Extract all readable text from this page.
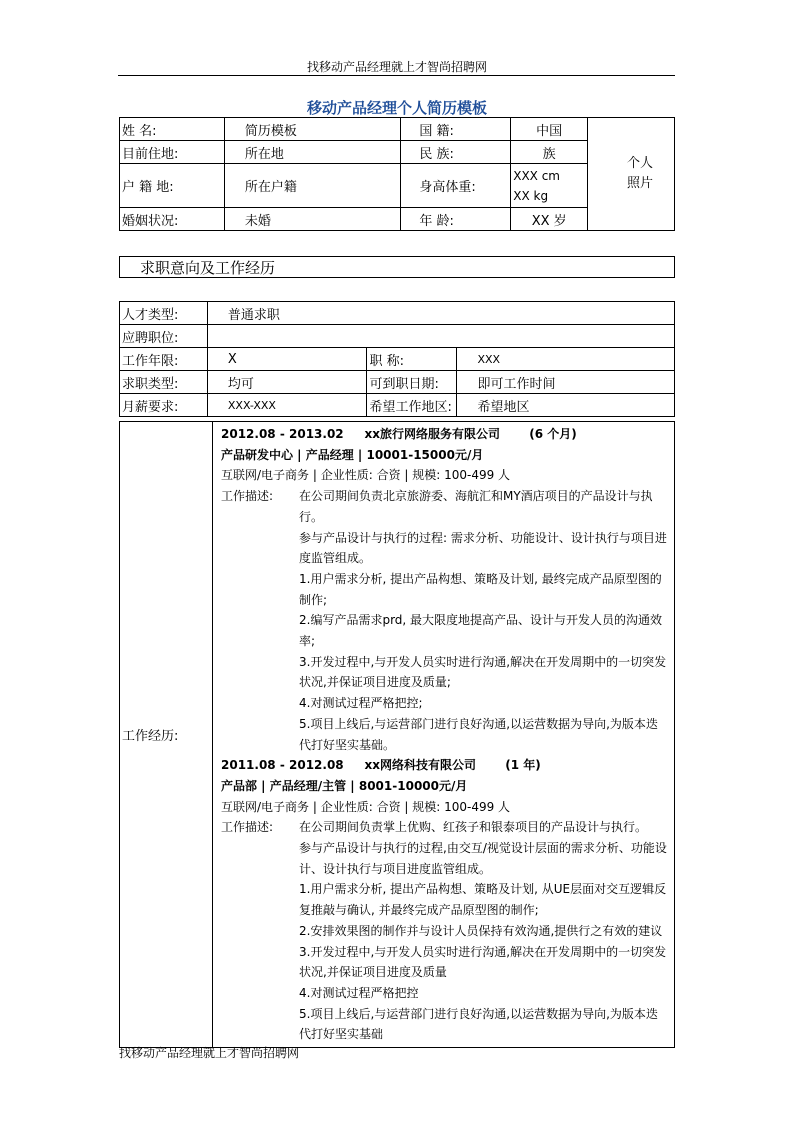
找移动产品经理就上才智尚招聘网
移动产品经理个人简历模板
姓 名:	简历模板	国 籍:	中国	个人
照片

目前住地:	所在地	民 族:	族	
户 籍 地:	所在户籍	身高体重:	XXX cm
XX kg	

婚姻状况:	未婚	年 龄:	XX 岁	
求职意向及工作经历
人才类型:	普通求职		
应聘职位:			
工作年限:	X	职 称:	XXX
求职类型:	均可	可到职日期:	即可工作时间
月薪要求:	XXX-XXX	希望工作地区:	希望地区
工作经历:	
2012.08 - 2013.02     xx旅行网络服务有限公司       (6 个月)
产品研发中心 | 产品经理 | 10001-15000元/月
互联网/电子商务 | 企业性质: 合资 | 规模: 100-499 人
工作描述:	在公司期间负责北京旅游委、海航汇和MY酒店项目的产品设计与执行。
参与产品设计与执行的过程: 需求分析、功能设计、设计执行与项目进度监管组成。
1.用户需求分析, 提出产品构想、策略及计划, 最终完成产品原型图的制作;
2.编写产品需求prd, 最大限度地提高产品、设计与开发人员的沟通效率;
3.开发过程中,与开发人员实时进行沟通,解决在开发周期中的一切突发状况,并保证项目进度及质量;
4.对测试过程严格把控;
5.项目上线后,与运营部门进行良好沟通,以运营数据为导向,为版本迭代打好坚实基础。
2011.08 - 2012.08     xx网络科技有限公司       (1 年)
产品部 | 产品经理/主管 | 8001-10000元/月
互联网/电子商务 | 企业性质: 合资 | 规模: 100-499 人
工作描述:	在公司期间负责掌上优购、红孩子和银泰项目的产品设计与执行。
参与产品设计与执行的过程,由交互/视觉设计层面的需求分析、功能设计、设计执行与项目进度监管组成。
1.用户需求分析, 提出产品构想、策略及计划, 从UE层面对交互逻辑反复推敲与确认, 并最终完成产品原型图的制作;
2.安排效果图的制作并与设计人员保持有效沟通,提供行之有效的建议
3.开发过程中,与开发人员实时进行沟通,解决在开发周期中的一切突发状况,并保证项目进度及质量
4.对测试过程严格把控
5.项目上线后,与运营部门进行良好沟通,以运营数据为导向,为版本迭代打好坚实基础
找移动产品经理就上才智尚招聘网
